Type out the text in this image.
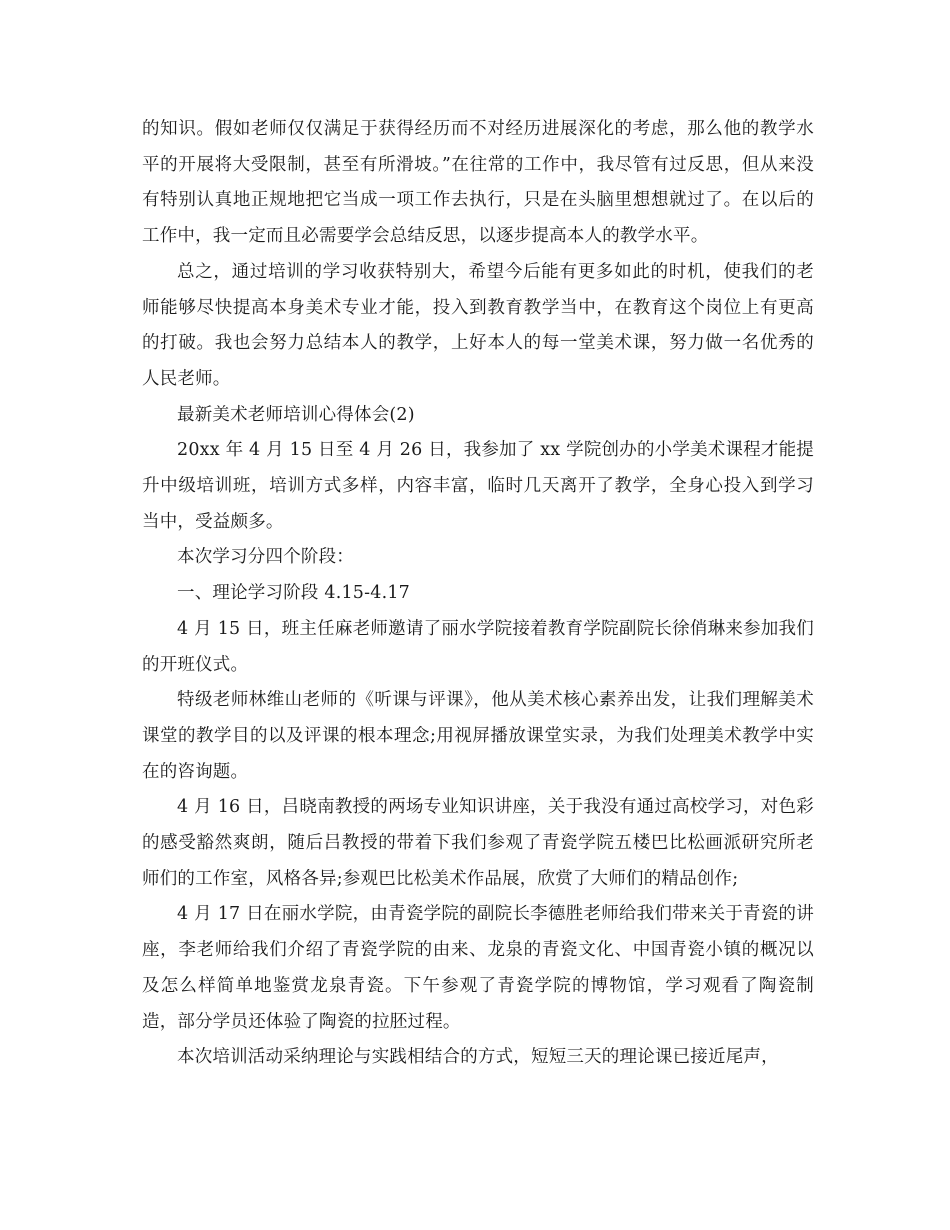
的知识。假如老师仅仅满足于获得经历而不对经历进展深化的考虑，那么他的教学水平的开展将大受限制，甚至有所滑坡。”在往常的工作中，我尽管有过反思，但从来没有特别认真地正规地把它当成一项工作去执行，只是在头脑里想想就过了。在以后的工作中，我一定而且必需要学会总结反思，以逐步提高本人的教学水平。

总之，通过培训的学习收获特别大，希望今后能有更多如此的时机，使我们的老师能够尽快提高本身美术专业才能，投入到教育教学当中，在教育这个岗位上有更高的打破。我也会努力总结本人的教学，上好本人的每一堂美术课，努力做一名优秀的人民老师。

最新美术老师培训心得体会(2)

20xx 年 4 月 15 日至 4 月 26 日，我参加了 xx 学院创办的小学美术课程才能提升中级培训班，培训方式多样，内容丰富，临时几天离开了教学，全身心投入到学习当中，受益颇多。

本次学习分四个阶段：

一、理论学习阶段 4.15-4.17

4 月 15 日，班主任麻老师邀请了丽水学院接着教育学院副院长徐俏琳来参加我们的开班仪式。

特级老师林维山老师的《听课与评课》，他从美术核心素养出发，让我们理解美术课堂的教学目的以及评课的根本理念;用视屏播放课堂实录，为我们处理美术教学中实在的咨询题。

4 月 16 日，吕晓南教授的两场专业知识讲座，关于我没有通过高校学习，对色彩的感受豁然爽朗，随后吕教授的带着下我们参观了青瓷学院五楼巴比松画派研究所老师们的工作室，风格各异;参观巴比松美术作品展，欣赏了大师们的精品创作;

4 月 17 日在丽水学院，由青瓷学院的副院长李德胜老师给我们带来关于青瓷的讲座，李老师给我们介绍了青瓷学院的由来、龙泉的青瓷文化、中国青瓷小镇的概况以及怎么样简单地鉴赏龙泉青瓷。下午参观了青瓷学院的博物馆，学习观看了陶瓷制造，部分学员还体验了陶瓷的拉胚过程。

本次培训活动采纳理论与实践相结合的方式，短短三天的理论课已接近尾声，
